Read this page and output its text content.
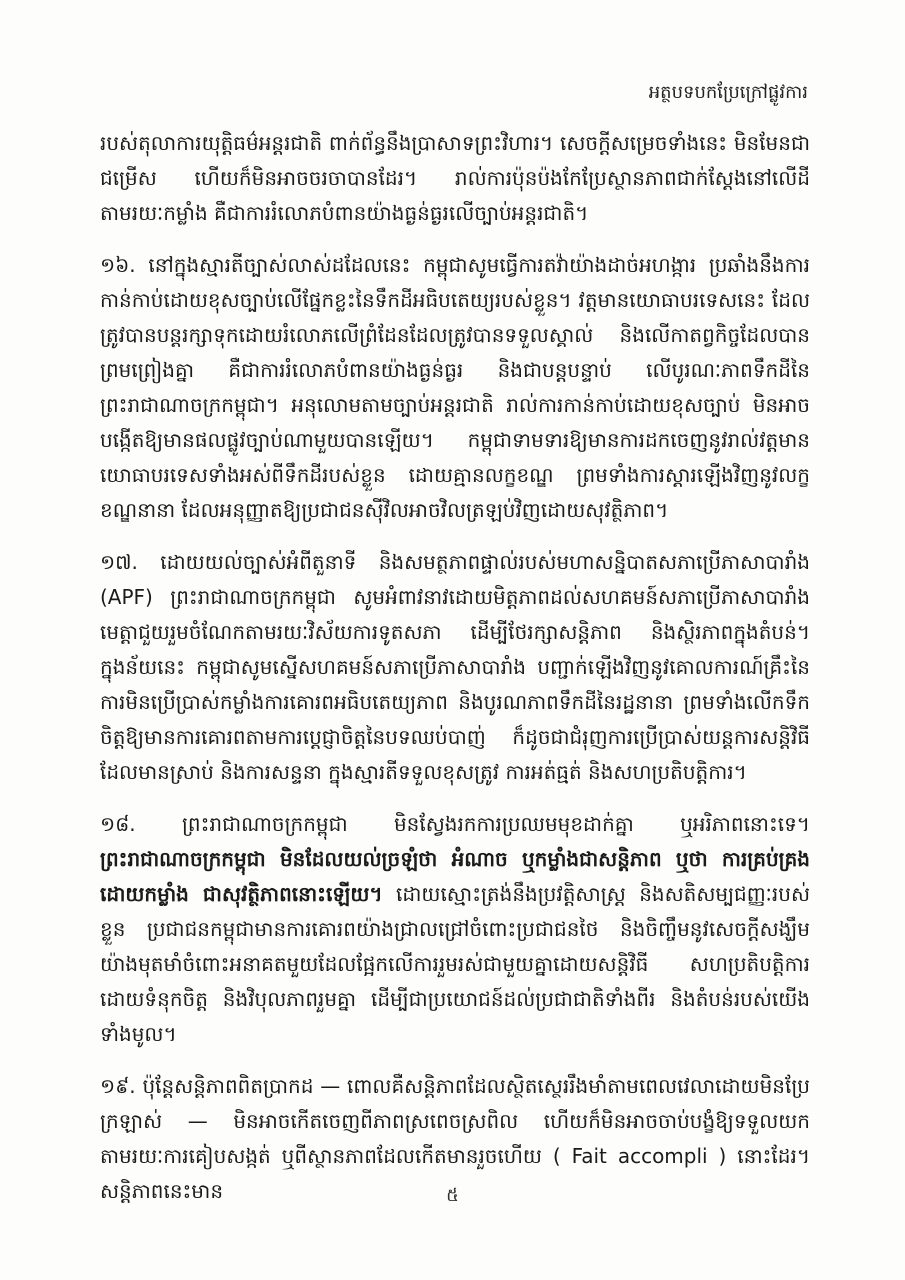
អត្ថបទបកប្រែក្រៅផ្លូវការ

របស់តុលាការយុត្តិធម៌អន្តរជាតិ ពាក់ព័ន្ធនឹងប្រាសាទព្រះវិហារ។ សេចក្តីសម្រេចទាំងនេះ មិនមែនជាជម្រើស ហើយក៏មិនអាចចរចាបានដែរ។ រាល់ការប៉ុនប៉ងកែប្រែស្ថានភាពជាក់ស្តែងនៅលើដីតាមរយៈកម្លាំង គឺជាការរំលោភបំពានយ៉ាងធ្ងន់ធ្ងរលើច្បាប់អន្តរជាតិ។

១៦. នៅក្នុងស្មារតីច្បាស់លាស់ដដែលនេះ កម្ពុជាសូមធ្វើការតវ៉ាយ៉ាងដាច់អហង្ការ ប្រឆាំងនឹងការកាន់កាប់ដោយខុសច្បាប់លើផ្នែកខ្លះនៃទឹកដីអធិបតេយ្យរបស់ខ្លួន។ វត្តមានយោធាបរទេសនេះ ដែលត្រូវបានបន្តរក្សាទុកដោយរំលោភលើព្រំដែនដែលត្រូវបានទទួលស្គាល់ និងលើកាតព្វកិច្ចដែលបានព្រមព្រៀងគ្នា គឺជាការរំលោភបំពានយ៉ាងធ្ងន់ធ្ងរ និងជាបន្តបន្ទាប់ លើបូរណៈភាពទឹកដីនៃព្រះរាជាណាចក្រកម្ពុជា។ អនុលោមតាមច្បាប់អន្តរជាតិ រាល់ការកាន់កាប់ដោយខុសច្បាប់ មិនអាចបង្កើតឱ្យមានផលផ្លូវច្បាប់ណាមួយបានឡើយ។ កម្ពុជាទាមទារឱ្យមានការដកចេញនូវរាល់វត្តមានយោធាបរទេសទាំងអស់ពីទឹកដីរបស់ខ្លួន ដោយគ្មានលក្ខខណ្ឌ ព្រមទាំងការស្តារឡើងវិញនូវលក្ខខណ្ឌនានា ដែលអនុញ្ញាតឱ្យប្រជាជនស៊ីវិលអាចវិលត្រឡប់វិញដោយសុវត្ថិភាព។

១៧. ដោយយល់ច្បាស់អំពីតួនាទី និងសមត្ថភាពផ្ទាល់របស់មហាសន្និបាតសភាប្រើភាសាបារាំង (APF) ព្រះរាជាណាចក្រកម្ពុជា សូមអំពាវនាវដោយមិត្តភាពដល់សហគមន៍សភាប្រើភាសាបារាំង មេត្តាជួយរួមចំណែកតាមរយៈវិស័យការទូតសភា ដើម្បីថែរក្សាសន្តិភាព និងស្ថិរភាពក្នុងតំបន់។ ក្នុងន័យនេះ កម្ពុជាសូមស្នើសហគមន៍សភាប្រើភាសាបារាំង បញ្ជាក់ឡើងវិញនូវគោលការណ៍គ្រឹះនៃការមិនប្រើប្រាស់កម្លាំងការគោរពអធិបតេយ្យភាព និងបូរណភាពទឹកដីនៃរដ្ឋនានា ព្រមទាំងលើកទឹកចិត្តឱ្យមានការគោរពតាមការប្តេជ្ញាចិត្តនៃបទឈប់បាញ់ ក៏ដូចជាជំរុញការប្រើប្រាស់យន្តការសន្តិវិធីដែលមានស្រាប់ និងការសន្ទនា ក្នុងស្មារតីទទួលខុសត្រូវ ការអត់ធ្មត់ និងសហប្រតិបត្តិការ។

១៨. ព្រះរាជាណាចក្រកម្ពុជា មិនស្វែងរកការប្រឈមមុខដាក់គ្នា ឬអរិភាពនោះទេ។ ព្រះរាជាណាចក្រកម្ពុជា មិនដែលយល់ច្រឡំថា អំណាច ឬកម្លាំងជាសន្តិភាព ឬថា ការគ្រប់គ្រងដោយកម្លាំង ជាសុវត្ថិភាពនោះឡើយ។ ដោយស្មោះត្រង់នឹងប្រវត្តិសាស្ត្រ និងសតិសម្បជញ្ញៈរបស់ខ្លួន ប្រជាជនកម្ពុជាមានការគោរពយ៉ាងជ្រាលជ្រៅចំពោះប្រជាជនថៃ និងចិញ្ចឹមនូវសេចក្តីសង្ឃឹមយ៉ាងមុតមាំចំពោះអនាគតមួយដែលផ្អែកលើការរួមរស់ជាមួយគ្នាដោយសន្តិវិធី សហប្រតិបត្តិការដោយទំនុកចិត្ត និងវិបុលភាពរួមគ្នា ដើម្បីជាប្រយោជន៍ដល់ប្រជាជាតិទាំងពីរ និងតំបន់របស់យើងទាំងមូល។

១៩. ប៉ុន្តែសន្តិភាពពិតប្រាកដ — ពោលគឺសន្តិភាពដែលស្ថិតស្ថេររឹងមាំតាមពេលវេលាដោយមិនប្រែក្រឡាស់ — មិនអាចកើតចេញពីភាពស្រពេចស្រពិល ហើយក៏មិនអាចចាប់បង្ខំឱ្យទទួលយកតាមរយៈការគៀបសង្កត់ ឬពីស្ថានភាពដែលកើតមានរួចហើយ ( Fait accompli ) នោះដែរ។ សន្តិភាពនេះមាន	៥
